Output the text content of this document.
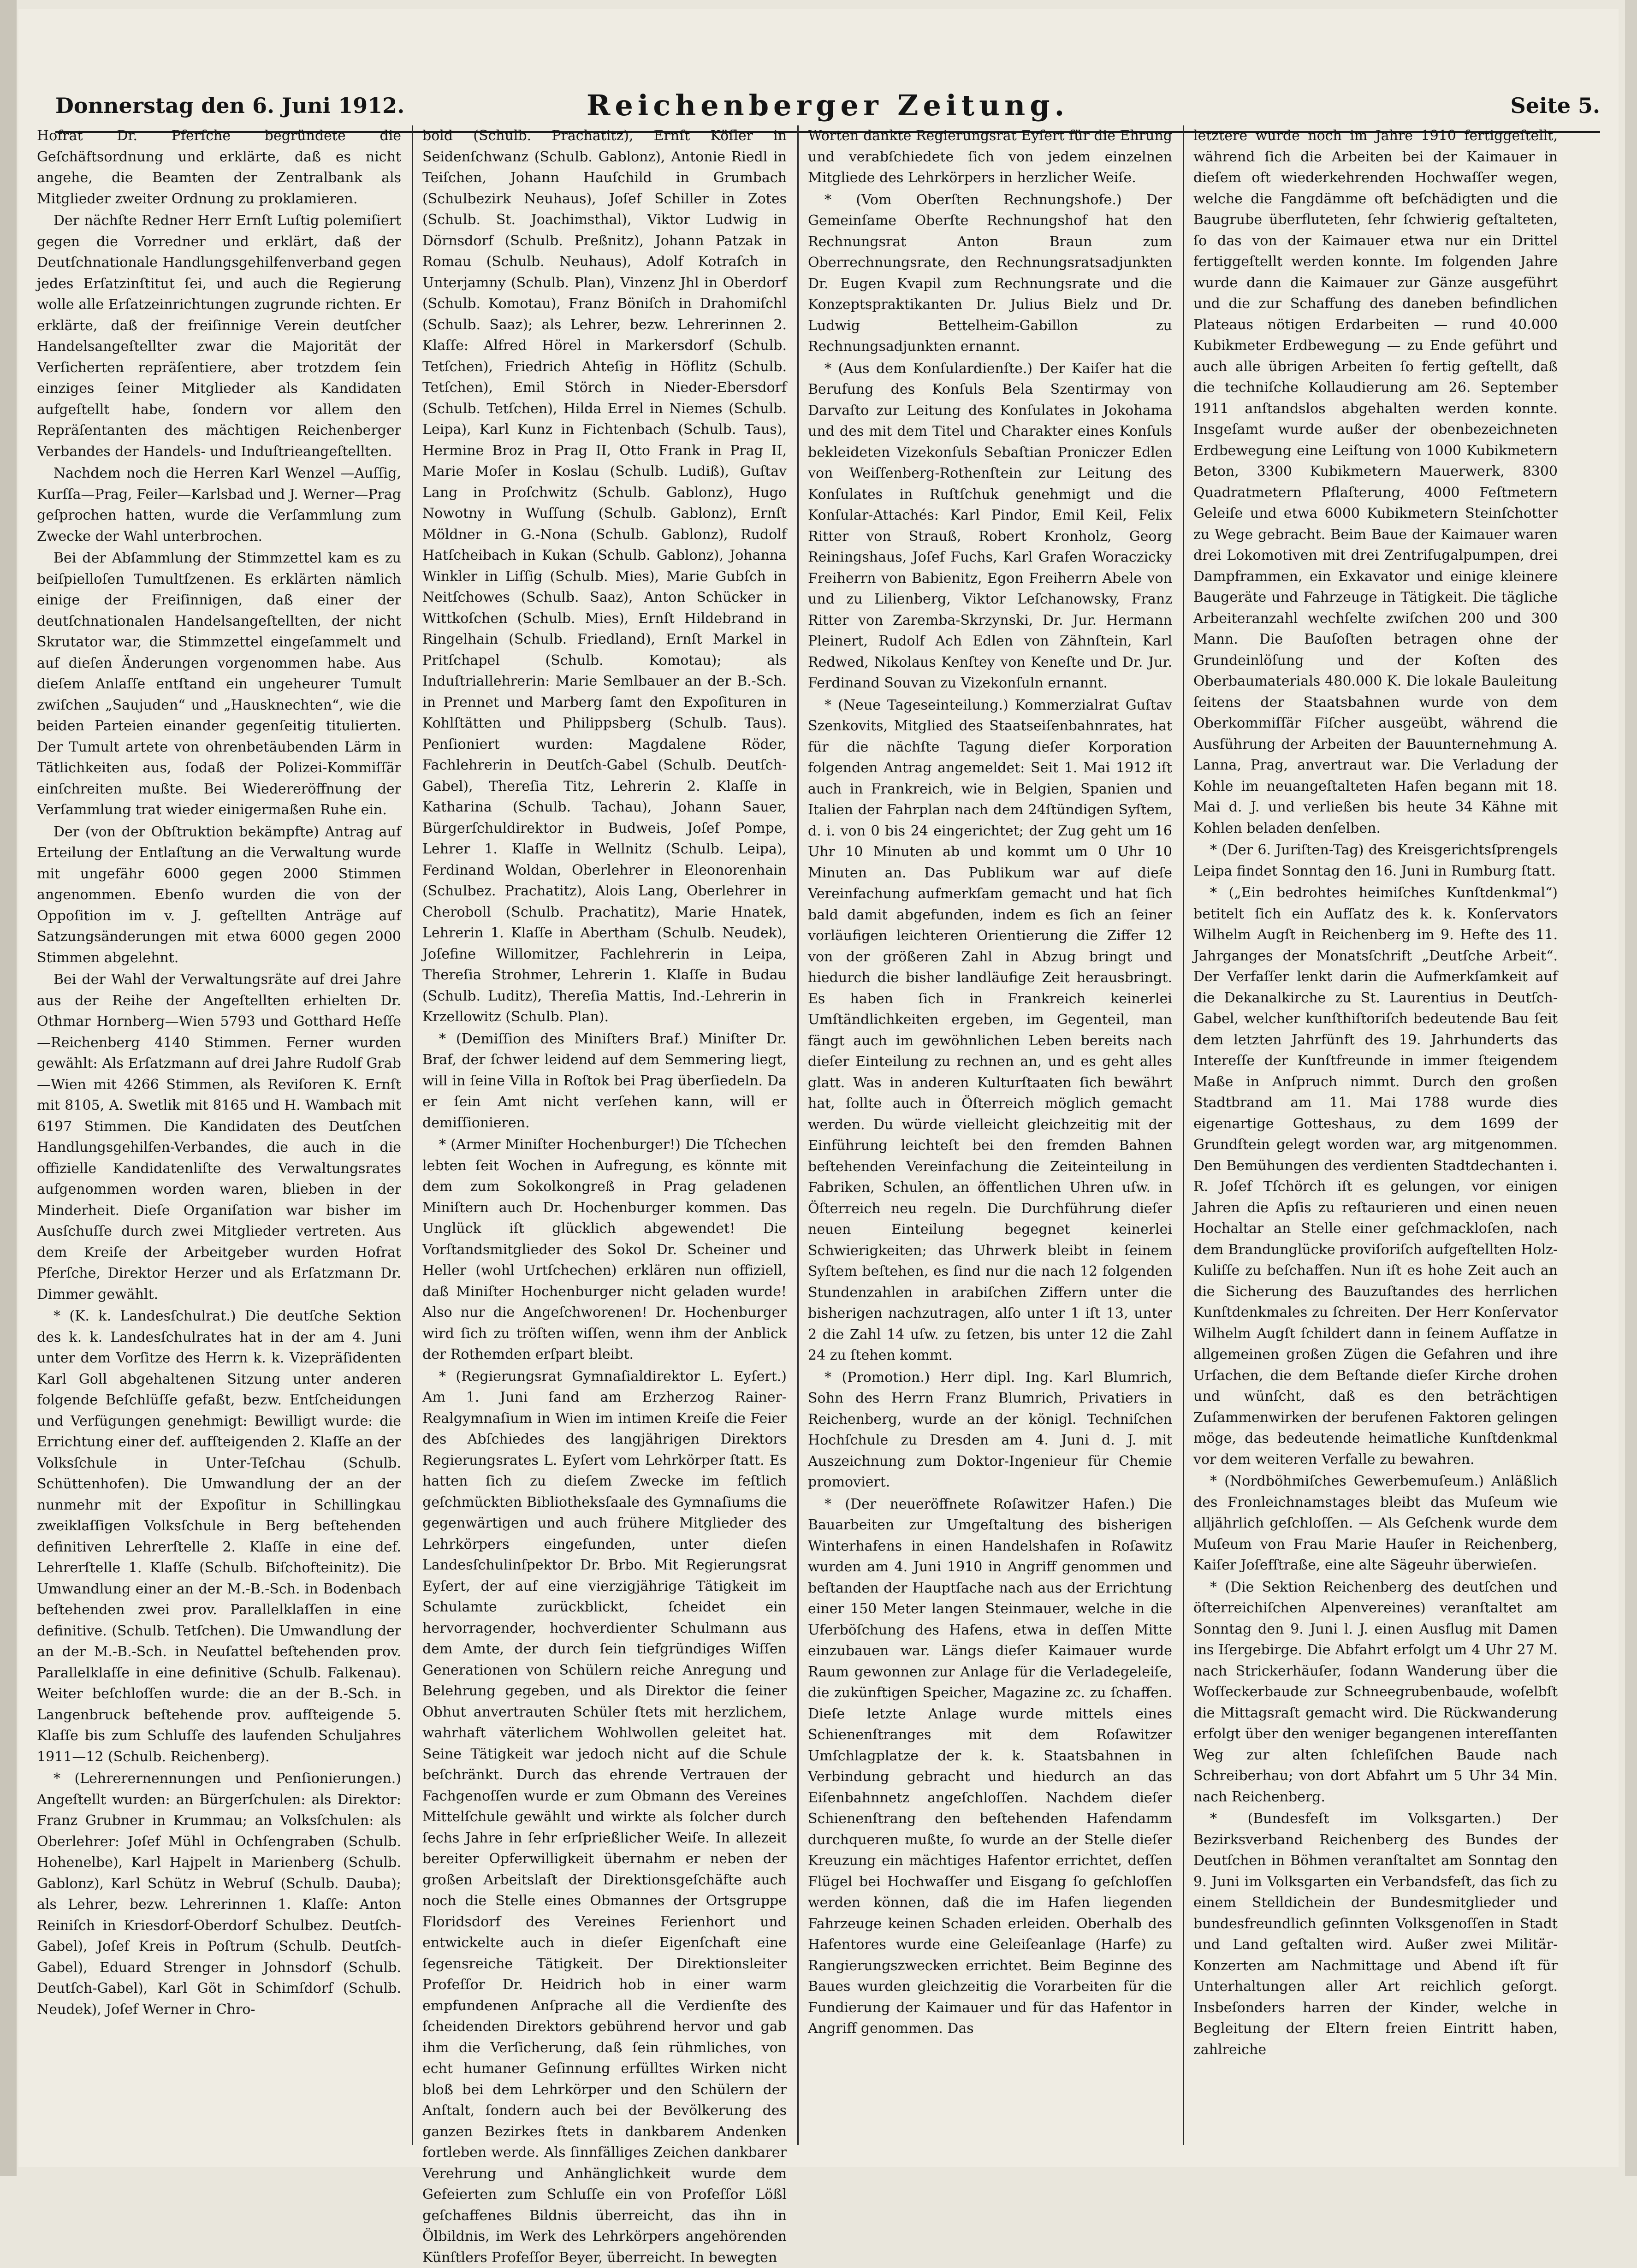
Donnerstag den 6. Juni 1912.	Reichenberger Zeitung.	Seite 5.

Hofrat Dr. Pferſche begründete die Geſchäftsordnung und erklärte, daß es nicht angehe, die Beamten der Zentralbank als Mitglieder zweiter Ordnung zu proklamieren.

Der nächſte Redner Herr Ernſt Luſtig polemiſiert gegen die Vorredner und erklärt, daß der Deutſchnationale Handlungsgehilfenverband gegen jedes Erſatzinſtitut ſei, und auch die Regierung wolle alle Erſatzeinrichtungen zugrunde richten. Er erklärte, daß der freiſinnige Verein deutſcher Handelsangeſtellter zwar die Majorität der Verſicherten repräſentiere, aber trotzdem ſein einziges ſeiner Mitglieder als Kandidaten aufgeſtellt habe, ſondern vor allem den Repräſentanten des mächtigen Reichenberger Verbandes der Handels- und Induſtrieangeſtellten.

Nachdem noch die Herren Karl Wenzel —Auſſig, Kurſſa—Prag, Feiler—Karlsbad und J. Werner—Prag geſprochen hatten, wurde die Verſammlung zum Zwecke der Wahl unterbrochen.

Bei der Abſammlung der Stimmzettel kam es zu beiſpielloſen Tumultſzenen. Es erklärten nämlich einige der Freiſinnigen, daß einer der deutſchnationalen Handelsangeſtellten, der nicht Skrutator war, die Stimmzettel eingeſammelt und auf dieſen Änderungen vorgenommen habe. Aus dieſem Anlaſſe entſtand ein ungeheurer Tumult zwiſchen „Saujuden“ und „Hausknechten“, wie die beiden Parteien einander gegenſeitig titulierten. Der Tumult artete von ohrenbetäubenden Lärm in Tätlichkeiten aus, ſodaß der Polizei-Kommiſſär einſchreiten mußte. Bei Wiedereröffnung der Verſammlung trat wieder einigermaßen Ruhe ein.

Der (von der Obſtruktion bekämpfte) Antrag auf Erteilung der Entlaſtung an die Verwaltung wurde mit ungefähr 6000 gegen 2000 Stimmen angenommen. Ebenſo wurden die von der Oppoſition im v. J. geſtellten Anträge auf Satzungsänderungen mit etwa 6000 gegen 2000 Stimmen abgelehnt.

Bei der Wahl der Verwaltungsräte auf drei Jahre aus der Reihe der Angeſtellten erhielten Dr. Othmar Hornberg—Wien 5793 und Gotthard Heſſe—Reichenberg 4140 Stimmen. Ferner wurden gewählt: Als Erſatzmann auf drei Jahre Rudolf Grab—Wien mit 4266 Stimmen, als Reviſoren K. Ernſt mit 8105, A. Swetlik mit 8165 und H. Wambach mit 6197 Stimmen. Die Kandidaten des Deutſchen Handlungsgehilfen-Verbandes, die auch in die offizielle Kandidatenliſte des Verwaltungsrates aufgenommen worden waren, blieben in der Minderheit. Dieſe Organiſation war bisher im Ausſchuſſe durch zwei Mitglieder vertreten. Aus dem Kreiſe der Arbeitgeber wurden Hofrat Pferſche, Direktor Herzer und als Erſatzmann Dr. Dimmer gewählt.

* (K. k. Landesſchulrat.) Die deutſche Sektion des k. k. Landesſchulrates hat in der am 4. Juni unter dem Vorſitze des Herrn k. k. Vizepräſidenten Karl Goll abgehaltenen Sitzung unter anderen folgende Beſchlüſſe gefaßt, bezw. Entſcheidungen und Verfügungen genehmigt: Bewilligt wurde: die Errichtung einer def. aufſteigenden 2. Klaſſe an der Volksſchule in Unter-Teſchau (Schulb. Schüttenhofen). Die Umwandlung der an der nunmehr mit der Expoſitur in Schillingkau zweiklaſſigen Volksſchule in Berg beſtehenden definitiven Lehrerſtelle 2. Klaſſe in eine def. Lehrerſtelle 1. Klaſſe (Schulb. Biſchofteinitz). Die Umwandlung einer an der M.-B.-Sch. in Bodenbach beſtehenden zwei prov. Parallelklaſſen in eine definitive. (Schulb. Tetſchen). Die Umwandlung der an der M.-B.-Sch. in Neuſattel beſtehenden prov. Parallelklaſſe in eine definitive (Schulb. Falkenau). Weiter beſchloſſen wurde: die an der B.-Sch. in Langenbruck beſtehende prov. aufſteigende 5. Klaſſe bis zum Schluſſe des laufenden Schuljahres 1911—12 (Schulb. Reichenberg).

* (Lehrerernennungen und Penſionierungen.) Angeſtellt wurden: an Bürgerſchulen: als Direktor: Franz Grubner in Krummau; an Volksſchulen: als Oberlehrer: Joſef Mühl in Ochſengraben (Schulb. Hohenelbe), Karl Hajpelt in Marienberg (Schulb. Gablonz), Karl Schütz in Webruſ (Schulb. Dauba); als Lehrer, bezw. Lehrerinnen 1. Klaſſe: Anton Reiniſch in Kriesdorf-Oberdorf Schulbez. Deutſch-Gabel), Joſef Kreis in Poſtrum (Schulb. Deutſch-Gabel), Eduard Strenger in Johnsdorf (Schulb. Deutſch-Gabel), Karl Göt in Schimſdorf (Schulb. Neudek), Joſef Werner in Chro-

bold (Schulb. Prachatitz), Ernſt Köſler in Seidenſchwanz (Schulb. Gablonz), Antonie Riedl in Teiſchen, Johann Hauſchild in Grumbach (Schulbezirk Neuhaus), Joſef Schiller in Zotes (Schulb. St. Joachimsthal), Viktor Ludwig in Dörnsdorf (Schulb. Preßnitz), Johann Patzak in Romau (Schulb. Neuhaus), Adolf Kotraſch in Unterjamny (Schulb. Plan), Vinzenz Jhl in Oberdorf (Schulb. Komotau), Franz Böniſch in Drahomiſchl (Schulb. Saaz); als Lehrer, bezw. Lehrerinnen 2. Klaſſe: Alfred Hörel in Markersdorf (Schulb. Tetſchen), Friedrich Ahteſig in Höflitz (Schulb. Tetſchen), Emil Störch in Nieder-Ebersdorf (Schulb. Tetſchen), Hilda Errel in Niemes (Schulb. Leipa), Karl Kunz in Fichtenbach (Schulb. Taus), Hermine Broz in Prag II, Otto Frank in Prag II, Marie Moſer in Koslau (Schulb. Ludiß), Guſtav Lang in Proſchwitz (Schulb. Gablonz), Hugo Nowotny in Wuſſung (Schulb. Gablonz), Ernſt Möldner in G.-Nona (Schulb. Gablonz), Rudolf Hatſcheibach in Kukan (Schulb. Gablonz), Johanna Winkler in Liſſig (Schulb. Mies), Marie Gubſch in Neitſchowes (Schulb. Saaz), Anton Schücker in Wittkoſchen (Schulb. Mies), Ernſt Hildebrand in Ringelhain (Schulb. Friedland), Ernſt Markel in Pritſchapel (Schulb. Komotau); als Induſtriallehrerin: Marie Semlbauer an der B.-Sch. in Prennet und Marberg ſamt den Expoſituren in Kohlſtätten und Philippsberg (Schulb. Taus). Penſioniert wurden: Magdalene Röder, Fachlehrerin in Deutſch-Gabel (Schulb. Deutſch-Gabel), Thereſia Titz, Lehrerin 2. Klaſſe in Katharina (Schulb. Tachau), Johann Sauer, Bürgerſchuldirektor in Budweis, Joſef Pompe, Lehrer 1. Klaſſe in Wellnitz (Schulb. Leipa), Ferdinand Woldan, Oberlehrer in Eleonorenhain (Schulbez. Prachatitz), Alois Lang, Oberlehrer in Cheroboll (Schulb. Prachatitz), Marie Hnatek, Lehrerin 1. Klaſſe in Abertham (Schulb. Neudek), Joſefine Willomitzer, Fachlehrerin in Leipa, Thereſia Strohmer, Lehrerin 1. Klaſſe in Budau (Schulb. Luditz), Thereſia Mattis, Ind.-Lehrerin in Krzellowitz (Schulb. Plan).

* (Demiſſion des Miniſters Braf.) Miniſter Dr. Braf, der ſchwer leidend auf dem Semmering liegt, will in ſeine Villa in Roſtok bei Prag überſiedeln. Da er ſein Amt nicht verſehen kann, will er demiſſionieren.

* (Armer Miniſter Hochenburger!) Die Tſchechen lebten ſeit Wochen in Aufregung, es könnte mit dem zum Sokolkongreß in Prag geladenen Miniſtern auch Dr. Hochenburger kommen. Das Unglück iſt glücklich abgewendet! Die Vorſtandsmitglieder des Sokol Dr. Scheiner und Heller (wohl Urtſchechen) erklären nun offiziell, daß Miniſter Hochenburger nicht geladen wurde! Also nur die Angeſchworenen! Dr. Hochenburger wird ſich zu tröſten wiſſen, wenn ihm der Anblick der Rothemden erſpart bleibt.

* (Regierungsrat Gymnaſialdirektor L. Eyſert.) Am 1. Juni fand am Erzherzog Rainer-Realgymnaſium in Wien im intimen Kreiſe die Feier des Abſchiedes des langjährigen Direktors Regierungsrates L. Eyſert vom Lehrkörper ſtatt. Es hatten ſich zu dieſem Zwecke im feſtlich geſchmückten Bibliotheksſaale des Gymnaſiums die gegenwärtigen und auch frühere Mitglieder des Lehrkörpers eingefunden, unter dieſen Landesſchulinſpektor Dr. Brbo. Mit Regierungsrat Eyſert, der auf eine vierzigjährige Tätigkeit im Schulamte zurückblickt, ſcheidet ein hervorragender, hochverdienter Schulmann aus dem Amte, der durch ſein tiefgründiges Wiſſen Generationen von Schülern reiche Anregung und Belehrung gegeben, und als Direktor die ſeiner Obhut anvertrauten Schüler ſtets mit herzlichem, wahrhaft väterlichem Wohlwollen geleitet hat. Seine Tätigkeit war jedoch nicht auf die Schule beſchränkt. Durch das ehrende Vertrauen der Fachgenoſſen wurde er zum Obmann des Vereines Mittelſchule gewählt und wirkte als ſolcher durch ſechs Jahre in ſehr erſprießlicher Weiſe. In allezeit bereiter Opferwilligkeit übernahm er neben der großen Arbeitslaſt der Direktionsgeſchäfte auch noch die Stelle eines Obmannes der Ortsgruppe Floridsdorf des Vereines Ferienhort und entwickelte auch in dieſer Eigenſchaft eine ſegensreiche Tätigkeit. Der Direktionsleiter Profeſſor Dr. Heidrich hob in einer warm empfundenen Anſprache all die Verdienſte des ſcheidenden Direktors gebührend hervor und gab ihm die Verſicherung, daß ſein rühmliches, von echt humaner Geſinnung erfülltes Wirken nicht bloß bei dem Lehrkörper und den Schülern der Anſtalt, ſondern auch bei der Bevölkerung des ganzen Bezirkes ſtets in dankbarem Andenken fortleben werde. Als ſinnfälliges Zeichen dankbarer Verehrung und Anhänglichkeit wurde dem Gefeierten zum Schluſſe ein von Profeſſor Lößl geſchaffenes Bildnis überreicht, das ihn in Ölbildnis, im Werk des Lehrkörpers angehörenden Künſtlers Profeſſor Beyer, überreicht. In bewegten

Worten dankte Regierungsrat Eyſert für die Ehrung und verabſchiedete ſich von jedem einzelnen Mitgliede des Lehrkörpers in herzlicher Weiſe.

* (Vom Oberſten Rechnungshofe.) Der Gemeinſame Oberſte Rechnungshof hat den Rechnungsrat Anton Braun zum Oberrechnungsrate, den Rechnungsratsadjunkten Dr. Eugen Kvapil zum Rechnungsrate und die Konzeptspraktikanten Dr. Julius Bielz und Dr. Ludwig Bettelheim-Gabillon zu Rechnungsadjunkten ernannt.

* (Aus dem Konſulardienſte.) Der Kaiſer hat die Berufung des Konſuls Bela Szentirmay von Darvaſto zur Leitung des Konſulates in Jokohama und des mit dem Titel und Charakter eines Konſuls bekleideten Vizekonſuls Sebaſtian Proniczer Edlen von Weiſſenberg-Rothenſtein zur Leitung des Konſulates in Ruſtſchuk genehmigt und die Konſular-Attachés: Karl Pindor, Emil Keil, Felix Ritter von Strauß, Robert Kronholz, Georg Reiningshaus, Joſef Fuchs, Karl Grafen Woraczicky Freiherrn von Babienitz, Egon Freiherrn Abele von und zu Lilienberg, Viktor Leſchanowsky, Franz Ritter von Zaremba-Skrzynski, Dr. Jur. Hermann Pleinert, Rudolf Ach Edlen von Zähnſtein, Karl Redwed, Nikolaus Kenſtey von Keneſte und Dr. Jur. Ferdinand Souvan zu Vizekonſuln ernannt.

* (Neue Tageseinteilung.) Kommerzialrat Guſtav Szenkovits, Mitglied des Staatseiſenbahnrates, hat für die nächſte Tagung dieſer Korporation folgenden Antrag angemeldet: Seit 1. Mai 1912 iſt auch in Frankreich, wie in Belgien, Spanien und Italien der Fahrplan nach dem 24ſtündigen Syſtem, d. i. von 0 bis 24 eingerichtet; der Zug geht um 16 Uhr 10 Minuten ab und kommt um 0 Uhr 10 Minuten an. Das Publikum war auf dieſe Vereinfachung aufmerkſam gemacht und hat ſich bald damit abgefunden, indem es ſich an ſeiner vorläufigen leichteren Orientierung die Ziffer 12 von der größeren Zahl in Abzug bringt und hiedurch die bisher landläufige Zeit herausbringt. Es haben ſich in Frankreich keinerlei Umſtändlichkeiten ergeben, im Gegenteil, man fängt auch im gewöhnlichen Leben bereits nach dieſer Einteilung zu rechnen an, und es geht alles glatt. Was in anderen Kulturſtaaten ſich bewährt hat, ſollte auch in Öſterreich möglich gemacht werden. Du würde vielleicht gleichzeitig mit der Einführung leichteſt bei den fremden Bahnen beſtehenden Vereinfachung die Zeiteinteilung in Fabriken, Schulen, an öffentlichen Uhren uſw. in Öſterreich neu regeln. Die Durchführung dieſer neuen Einteilung begegnet keinerlei Schwierigkeiten; das Uhrwerk bleibt in ſeinem Syſtem beſtehen, es ſind nur die nach 12 folgenden Stundenzahlen in arabiſchen Ziffern unter die bisherigen nachzutragen, alſo unter 1 iſt 13, unter 2 die Zahl 14 uſw. zu ſetzen, bis unter 12 die Zahl 24 zu ſtehen kommt.

* (Promotion.) Herr dipl. Ing. Karl Blumrich, Sohn des Herrn Franz Blumrich, Privatiers in Reichenberg, wurde an der königl. Techniſchen Hochſchule zu Dresden am 4. Juni d. J. mit Auszeichnung zum Doktor-Ingenieur für Chemie promoviert.

* (Der neueröffnete Roſawitzer Hafen.) Die Bauarbeiten zur Umgeſtaltung des bisherigen Winterhafens in einen Handelshafen in Roſawitz wurden am 4. Juni 1910 in Angriff genommen und beſtanden der Hauptſache nach aus der Errichtung einer 150 Meter langen Steinmauer, welche in die Uferböſchung des Hafens, etwa in deſſen Mitte einzubauen war. Längs dieſer Kaimauer wurde Raum gewonnen zur Anlage für die Verladegeleiſe, die zukünftigen Speicher, Magazine zc. zu ſchaffen. Dieſe letzte Anlage wurde mittels eines Schienenſtranges mit dem Roſawitzer Umſchlagplatze der k. k. Staatsbahnen in Verbindung gebracht und hiedurch an das Eiſenbahnnetz angeſchloſſen. Nachdem dieſer Schienenſtrang den beſtehenden Hafendamm durchqueren mußte, ſo wurde an der Stelle dieſer Kreuzung ein mächtiges Hafentor errichtet, deſſen Flügel bei Hochwaſſer und Eisgang ſo geſchloſſen werden können, daß die im Hafen liegenden Fahrzeuge keinen Schaden erleiden. Oberhalb des Hafentores wurde eine Geleiſeanlage (Harfe) zu Rangierungszwecken errichtet. Beim Beginne des Baues wurden gleichzeitig die Vorarbeiten für die Fundierung der Kaimauer und für das Hafentor in Angriff genommen. Das

letztere wurde noch im Jahre 1910 fertiggeſtellt, während ſich die Arbeiten bei der Kaimauer in dieſem oft wiederkehrenden Hochwaſſer wegen, welche die Fangdämme oft beſchädigten und die Baugrube überfluteten, ſehr ſchwierig geſtalteten, ſo das von der Kaimauer etwa nur ein Drittel fertiggeſtellt werden konnte. Im folgenden Jahre wurde dann die Kaimauer zur Gänze ausgeführt und die zur Schaffung des daneben befindlichen Plateaus nötigen Erdarbeiten — rund 40.000 Kubikmeter Erdbewegung — zu Ende geführt und auch alle übrigen Arbeiten ſo fertig geſtellt, daß die techniſche Kollaudierung am 26. September 1911 anſtandslos abgehalten werden konnte. Insgeſamt wurde außer der obenbezeichneten Erdbewegung eine Leiſtung von 1000 Kubikmetern Beton, 3300 Kubikmetern Mauerwerk, 8300 Quadratmetern Pflaſterung, 4000 Feſtmetern Geleiſe und etwa 6000 Kubikmetern Steinſchotter zu Wege gebracht. Beim Baue der Kaimauer waren drei Lokomotiven mit drei Zentrifugalpumpen, drei Dampframmen, ein Exkavator und einige kleinere Baugeräte und Fahrzeuge in Tätigkeit. Die tägliche Arbeiteranzahl wechſelte zwiſchen 200 und 300 Mann. Die Bauſoſten betragen ohne der Grundeinlöſung und der Koſten des Oberbaumaterials 480.000 K. Die lokale Bauleitung ſeitens der Staatsbahnen wurde von dem Oberkommiſſär Fiſcher ausgeübt, während die Ausführung der Arbeiten der Bauunternehmung A. Lanna, Prag, anvertraut war. Die Verladung der Kohle im neuangeſtalteten Hafen begann mit 18. Mai d. J. und verließen bis heute 34 Kähne mit Kohlen beladen denſelben.

* (Der 6. Juriſten-Tag) des Kreisgerichtsſprengels Leipa findet Sonntag den 16. Juni in Rumburg ſtatt.

* („Ein bedrohtes heimiſches Kunſtdenkmal“) betitelt ſich ein Aufſatz des k. k. Konſervators Wilhelm Augſt in Reichenberg im 9. Hefte des 11. Jahrganges der Monatsſchrift „Deutſche Arbeit“. Der Verfaſſer lenkt darin die Aufmerkſamkeit auf die Dekanalkirche zu St. Laurentius in Deutſch-Gabel, welcher kunſthiſtoriſch bedeutende Bau ſeit dem letzten Jahrfünft des 19. Jahrhunderts das Intereſſe der Kunſtfreunde in immer ſteigendem Maße in Anſpruch nimmt. Durch den großen Stadtbrand am 11. Mai 1788 wurde dies eigenartige Gotteshaus, zu dem 1699 der Grundſtein gelegt worden war, arg mitgenommen. Den Bemühungen des verdienten Stadtdechanten i. R. Joſef Tſchörch iſt es gelungen, vor einigen Jahren die Apſis zu reſtaurieren und einen neuen Hochaltar an Stelle einer geſchmackloſen, nach dem Brandunglücke proviſoriſch aufgeſtellten Holz-Kuliſſe zu beſchaffen. Nun iſt es hohe Zeit auch an die Sicherung des Bauzuſtandes des herrlichen Kunſtdenkmales zu ſchreiten. Der Herr Konſervator Wilhelm Augſt ſchildert dann in ſeinem Aufſatze in allgemeinen großen Zügen die Gefahren und ihre Urſachen, die dem Beſtande dieſer Kirche drohen und wünſcht, daß es den beträchtigen Zuſammenwirken der berufenen Faktoren gelingen möge, das bedeutende heimatliche Kunſtdenkmal vor dem weiteren Verfalle zu bewahren.

* (Nordböhmiſches Gewerbemuſeum.) Anläßlich des Fronleichnamstages bleibt das Muſeum wie alljährlich geſchloſſen. — Als Geſchenk wurde dem Muſeum von Frau Marie Hauſer in Reichenberg, Kaiſer Joſefſtraße, eine alte Sägeuhr überwieſen.

* (Die Sektion Reichenberg des deutſchen und öſterreichiſchen Alpenvereines) veranſtaltet am Sonntag den 9. Juni l. J. einen Ausflug mit Damen ins Iſergebirge. Die Abfahrt erfolgt um 4 Uhr 27 M. nach Strickerhäuſer, ſodann Wanderung über die Woſſeckerbaude zur Schneegrubenbaude, woſelbſt die Mittagsraſt gemacht wird. Die Rückwanderung erfolgt über den weniger begangenen intereſſanten Weg zur alten ſchleſiſchen Baude nach Schreiberhau; von dort Abfahrt um 5 Uhr 34 Min. nach Reichenberg.

* (Bundesfeſt im Volksgarten.) Der Bezirksverband Reichenberg des Bundes der Deutſchen in Böhmen veranſtaltet am Sonntag den 9. Juni im Volksgarten ein Verbandsfeſt, das ſich zu einem Stelldichein der Bundesmitglieder und bundesfreundlich geſinnten Volksgenoſſen in Stadt und Land geſtalten wird. Außer zwei Militär-Konzerten am Nachmittage und Abend iſt für Unterhaltungen aller Art reichlich geſorgt. Insbeſonders harren der Kinder, welche in Begleitung der Eltern freien Eintritt haben, zahlreiche
